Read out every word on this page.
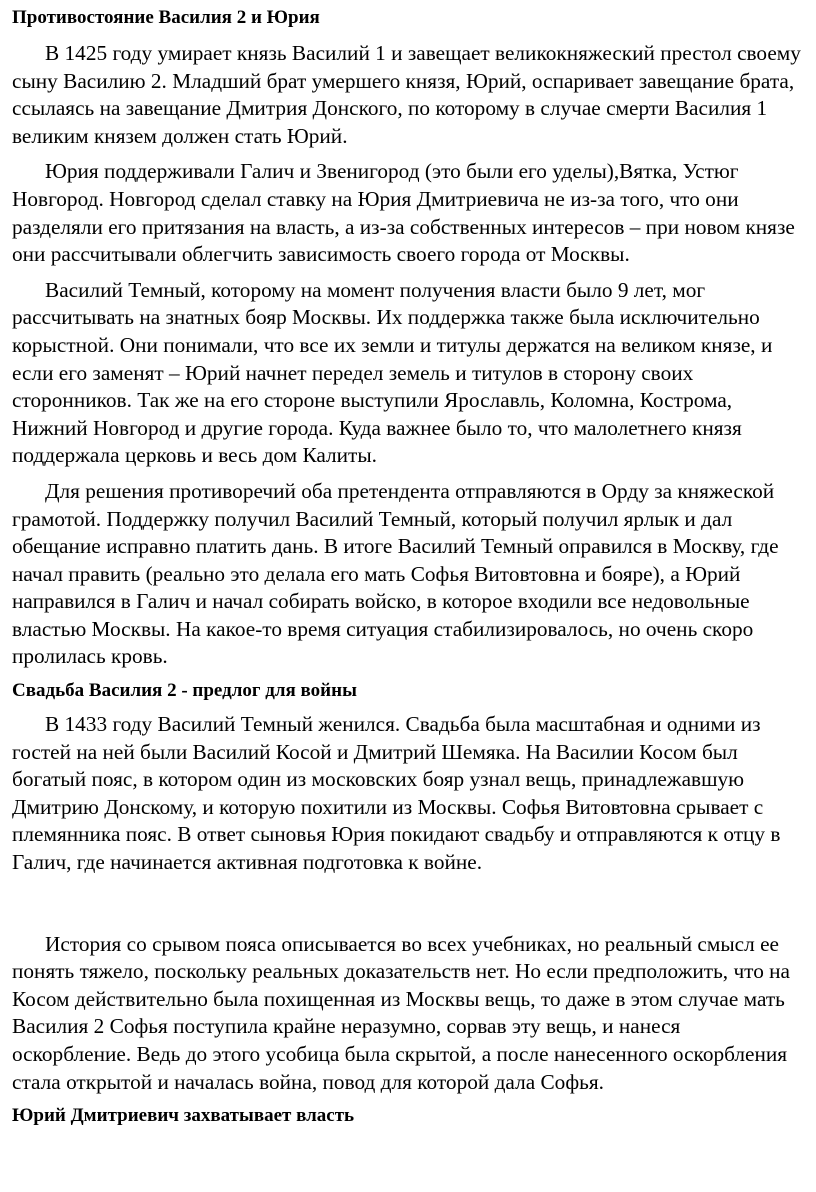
Противостояние Василия 2 и Юрия

В 1425 году умирает князь Василий 1 и завещает великокняжеский престол своему сыну Василию 2. Младший брат умершего князя, Юрий, оспаривает завещание брата, ссылаясь на завещание Дмитрия Донского, по которому в случае смерти Василия 1 великим князем должен стать Юрий.

Юрия поддерживали Галич и Звенигород (это были его уделы),Вятка, Устюг Новгород. Новгород сделал ставку на Юрия Дмитриевича не из-за того, что они разделяли его притязания на власть, а из-за собственных интересов – при новом князе они рассчитывали облегчить зависимость своего города от Москвы.

Василий Темный, которому на момент получения власти было 9 лет, мог рассчитывать на знатных бояр Москвы. Их поддержка также была исключительно корыстной. Они понимали, что все их земли и титулы держатся на великом князе, и если его заменят – Юрий начнет передел земель и титулов в сторону своих сторонников. Так же на его стороне выступили Ярославль, Коломна, Кострома, Нижний Новгород и другие города. Куда важнее было то, что малолетнего князя поддержала церковь и весь дом Калиты.

Для решения противоречий оба претендента отправляются в Орду за княжеской грамотой. Поддержку получил Василий Темный, который получил ярлык и дал обещание исправно платить дань. В итоге Василий Темный оправился в Москву, где начал править (реально это делала его мать Софья Витовтовна и бояре), а Юрий направился в Галич и начал собирать войско, в которое входили все недовольные властью Москвы. На какое-то время ситуация стабилизировалось, но очень скоро пролилась кровь.

Свадьба Василия 2 - предлог для войны

В 1433 году Василий Темный женился. Свадьба была масштабная и одними из гостей на ней были Василий Косой и Дмитрий Шемяка. На Василии Косом был богатый пояс, в котором один из московских бояр узнал вещь, принадлежавшую Дмитрию Донскому, и которую похитили из Москвы. Софья Витовтовна срывает с племянника пояс. В ответ сыновья Юрия покидают свадьбу и отправляются к отцу в Галич, где начинается активная подготовка к войне.

История со срывом пояса описывается во всех учебниках, но реальный смысл ее понять тяжело, поскольку реальных доказательств нет. Но если предположить, что на Косом действительно была похищенная из Москвы вещь, то даже в этом случае мать Василия 2 Софья поступила крайне неразумно, сорвав эту вещь, и нанеся оскорбление. Ведь до этого усобица была скрытой, а после нанесенного оскорбления стала открытой и началась война, повод для которой дала Софья.

Юрий Дмитриевич захватывает власть
